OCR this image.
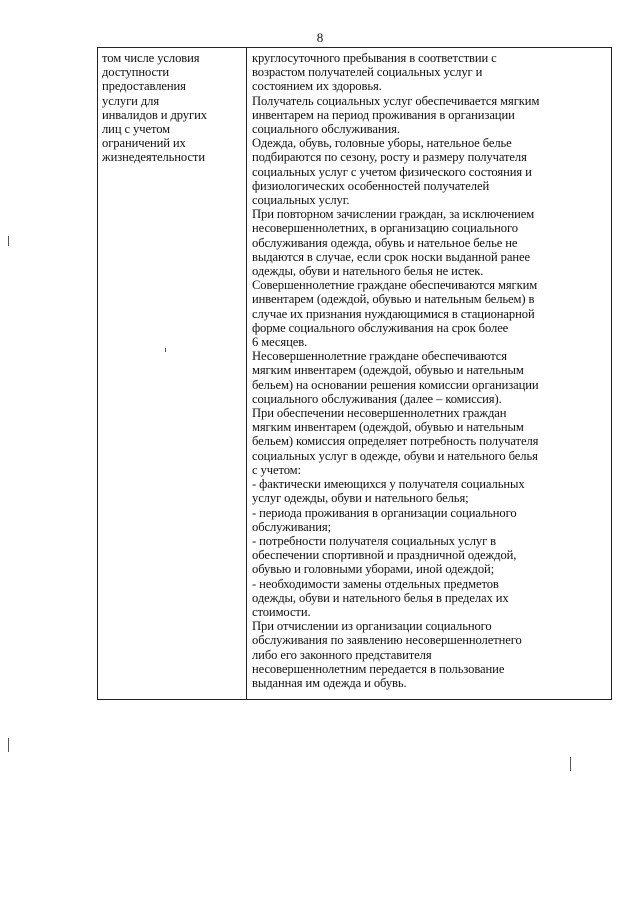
8
том числе условия
доступности
предоставления
услуги для
инвалидов и других
лиц с учетом
ограничений их
жизнедеятельности
круглосуточного пребывания в соответствии с
возрастом получателей социальных услуг и
состоянием их здоровья.
Получатель социальных услуг обеспечивается мягким
инвентарем на период проживания в организации
социального обслуживания.
Одежда, обувь, головные уборы, нательное белье
подбираются по сезону, росту и размеру получателя
социальных услуг с учетом физического состояния и
физиологических особенностей получателей
социальных услуг.
При повторном зачислении граждан, за исключением
несовершеннолетних, в организацию социального
обслуживания одежда, обувь и нательное белье не
выдаются в случае, если срок носки выданной ранее
одежды, обуви и нательного белья не истек.
Совершеннолетние граждане обеспечиваются мягким
инвентарем (одеждой, обувью и нательным бельем) в
случае их признания нуждающимися в стационарной
форме социального обслуживания на срок более
6 месяцев.
Несовершеннолетние граждане обеспечиваются
мягким инвентарем (одеждой, обувью и нательным
бельем) на основании решения комиссии организации
социального обслуживания (далее – комиссия).
При обеспечении несовершеннолетних граждан
мягким инвентарем (одеждой, обувью и нательным
бельем) комиссия определяет потребность получателя
социальных услуг в одежде, обуви и нательного белья
с учетом:
- фактически имеющихся у получателя социальных
услуг одежды, обуви и нательного белья;
- периода проживания в организации социального
обслуживания;
- потребности получателя социальных услуг в
обеспечении спортивной и праздничной одеждой,
обувью и головными уборами, иной одеждой;
- необходимости замены отдельных предметов
одежды, обуви и нательного белья в пределах их
стоимости.
При отчислении из организации социального
обслуживания по заявлению несовершеннолетнего
либо его законного представителя
несовершеннолетним передается в пользование
выданная им одежда и обувь.
